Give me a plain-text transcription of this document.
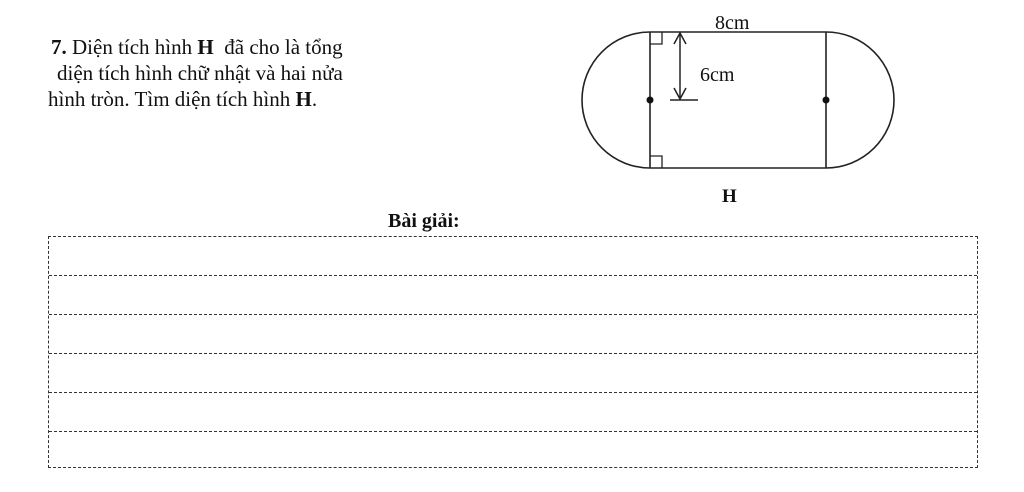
7. Diện tích hình H đã cho là tổng
diện tích hình chữ nhật và hai nửa
hình tròn. Tìm diện tích hình H.
8cm
6cm
H
Bài giải:
